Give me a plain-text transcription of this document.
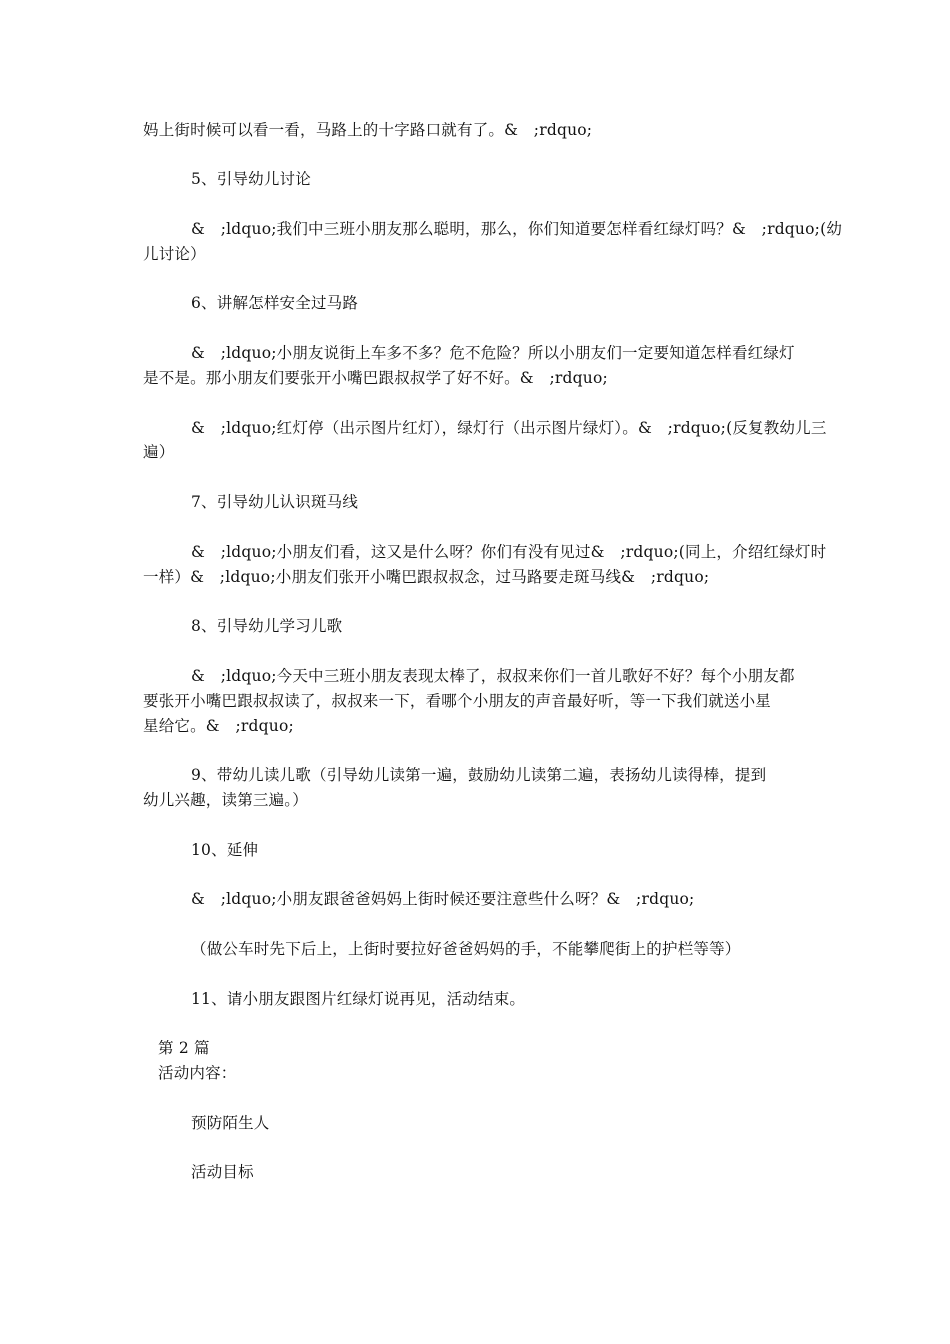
妈上街时候可以看一看，马路上的十字路口就有了。&　;rdquo;
5、引导幼儿讨论
&　;ldquo;我们中三班小朋友那么聪明，那么，你们知道要怎样看红绿灯吗？&　;rdquo;(幼
儿讨论）
6、讲解怎样安全过马路
&　;ldquo;小朋友说街上车多不多？危不危险？所以小朋友们一定要知道怎样看红绿灯
是不是。那小朋友们要张开小嘴巴跟叔叔学了好不好。&　;rdquo;
&　;ldquo;红灯停（出示图片红灯），绿灯行（出示图片绿灯）。&　;rdquo;(反复教幼儿三
遍）
7、引导幼儿认识斑马线
&　;ldquo;小朋友们看，这又是什么呀？你们有没有见过&　;rdquo;(同上，介绍红绿灯时
一样）&　;ldquo;小朋友们张开小嘴巴跟叔叔念，过马路要走斑马线&　;rdquo;
8、引导幼儿学习儿歌
&　;ldquo;今天中三班小朋友表现太棒了，叔叔来你们一首儿歌好不好？每个小朋友都
要张开小嘴巴跟叔叔读了，叔叔来一下，看哪个小朋友的声音最好听，等一下我们就送小星
星给它。&　;rdquo;
9、带幼儿读儿歌（引导幼儿读第一遍，鼓励幼儿读第二遍，表扬幼儿读得棒，提到
幼儿兴趣，读第三遍。）
10、延伸
&　;ldquo;小朋友跟爸爸妈妈上街时候还要注意些什么呀？&　;rdquo;
（做公车时先下后上，上街时要拉好爸爸妈妈的手，不能攀爬街上的护栏等等）
11、请小朋友跟图片红绿灯说再见，活动结束。
第 2 篇
活动内容：
预防陌生人
活动目标
